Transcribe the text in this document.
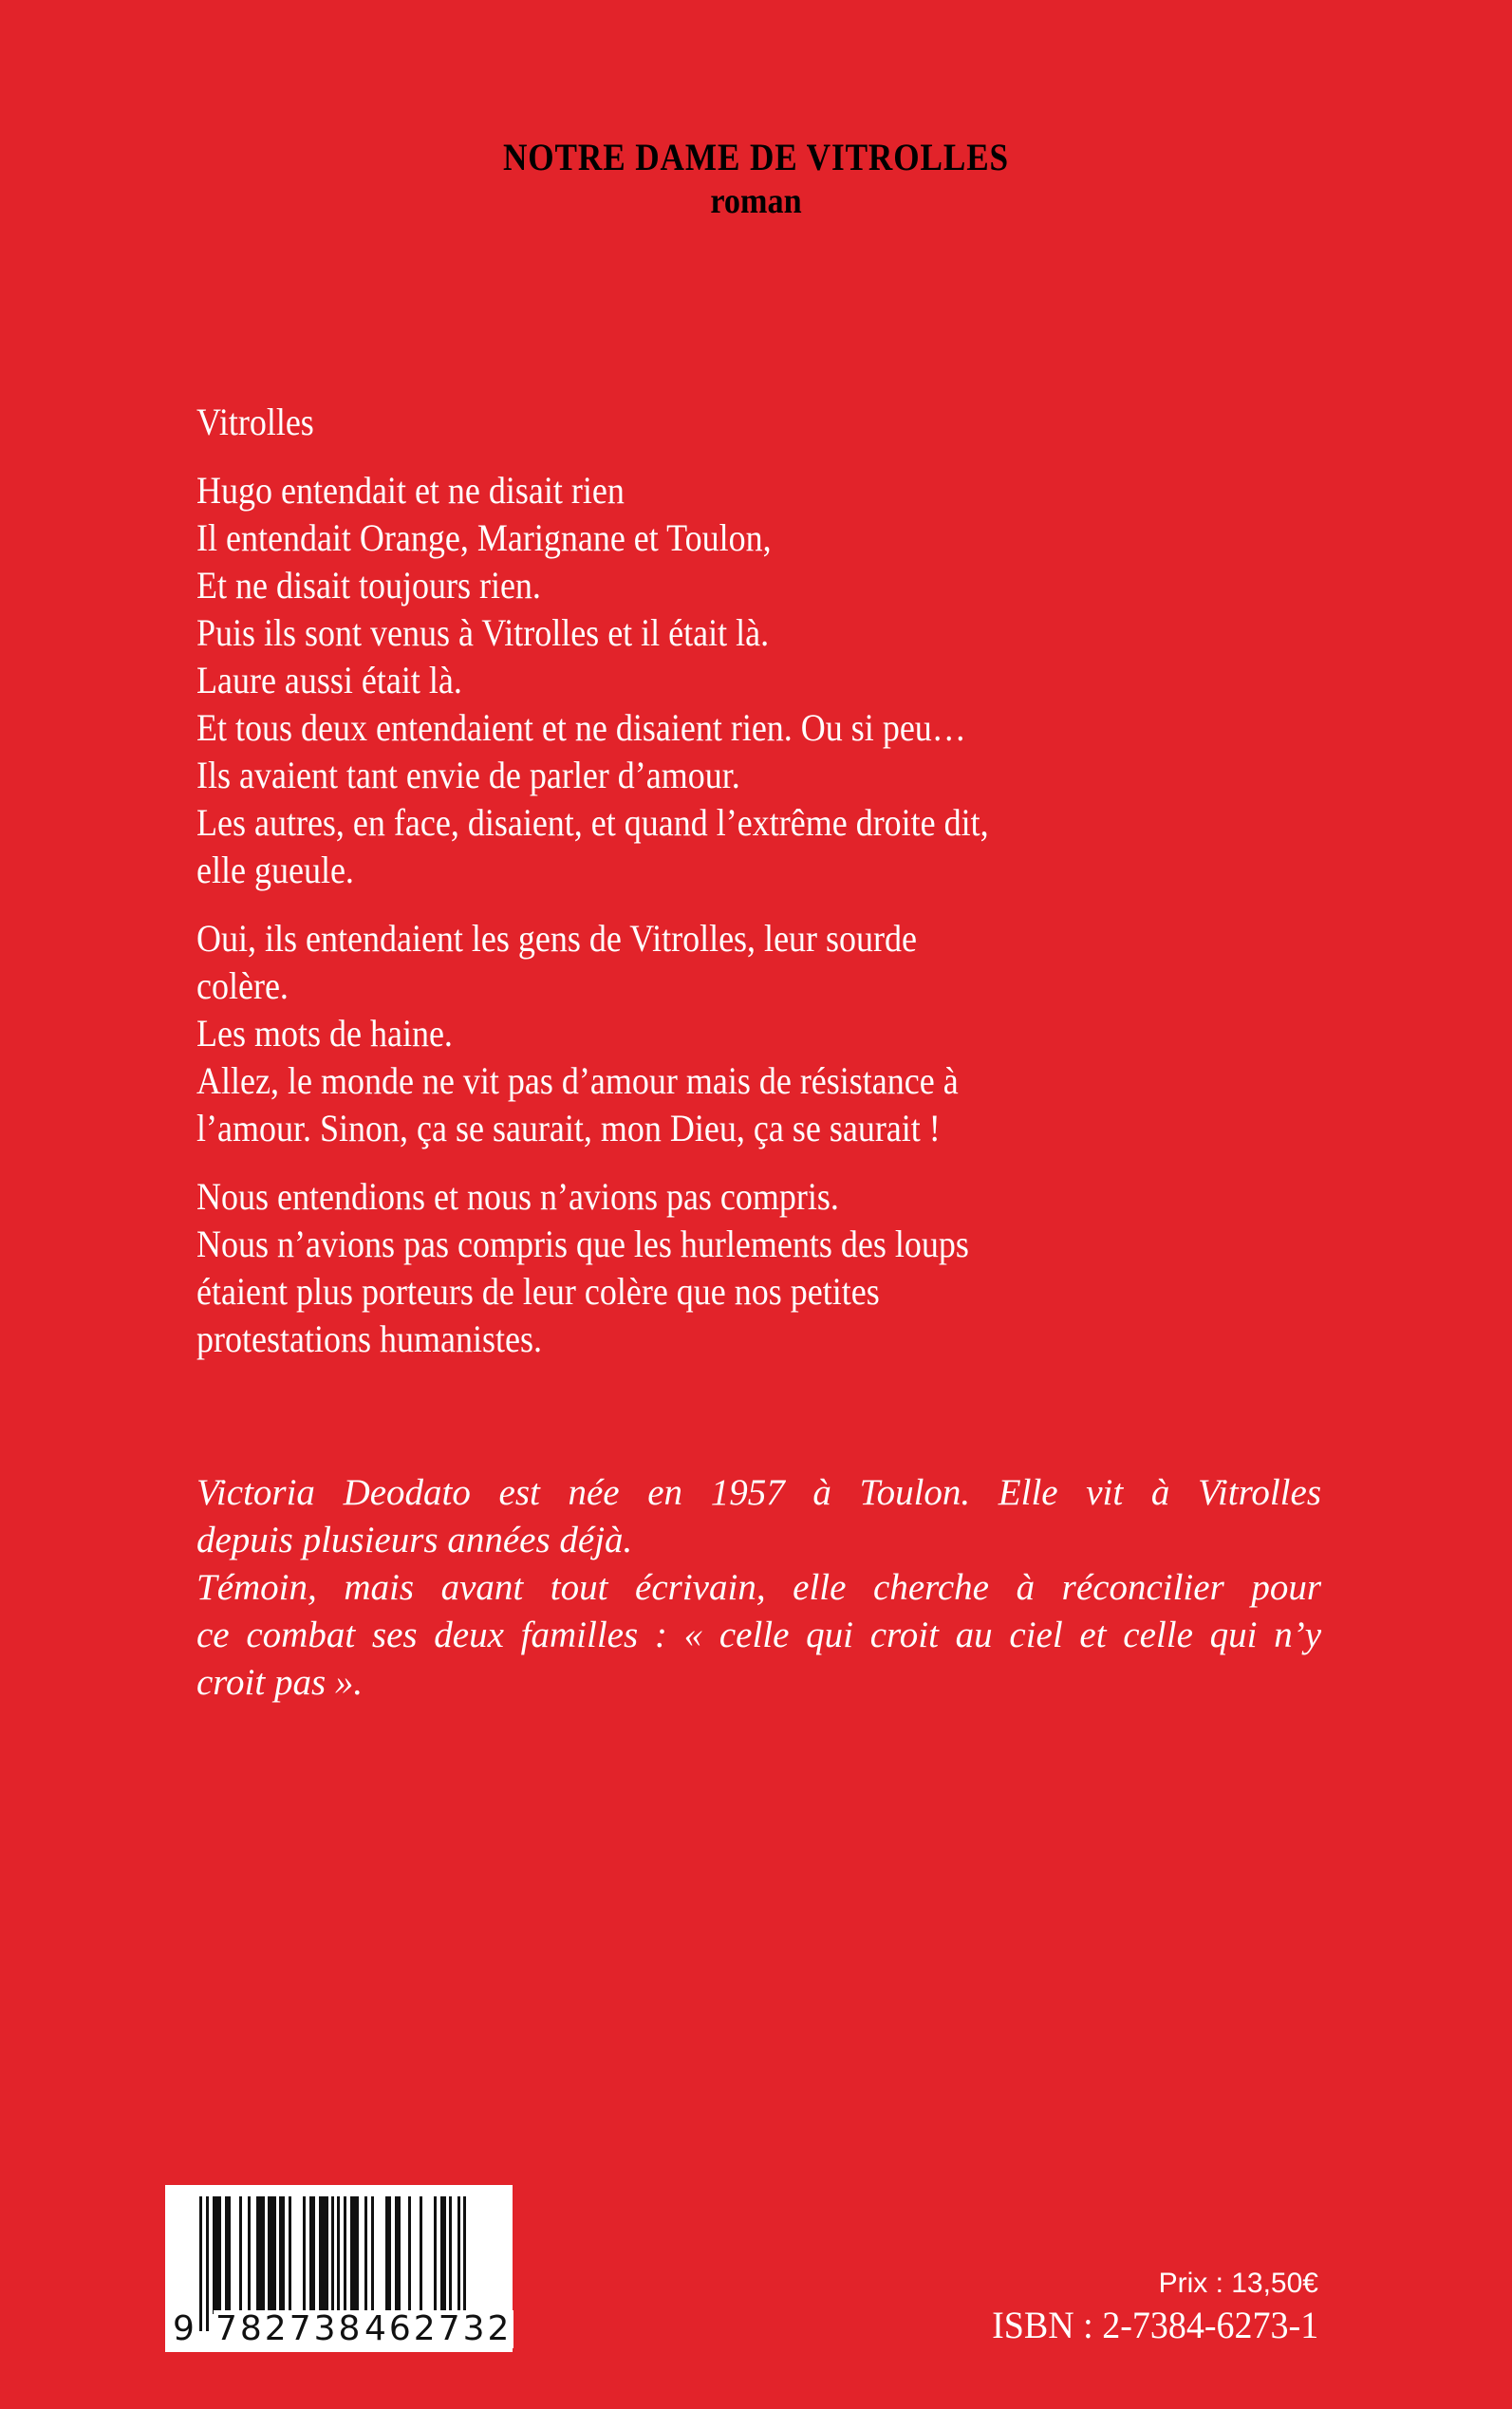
NOTRE DAME DE VITROLLES
roman
Vitrolles
Hugo entendait et ne disait rien
Il entendait Orange, Marignane et Toulon,
Et ne disait toujours rien.
Puis ils sont venus à Vitrolles et il était là.
Laure aussi était là.
Et tous deux entendaient et ne disaient rien. Ou si peu…
Ils avaient tant envie de parler d’amour.
Les autres, en face, disaient, et quand l’extrême droite dit,
elle gueule.
Oui, ils entendaient les gens de Vitrolles, leur sourde
colère.
Les mots de haine.
Allez, le monde ne vit pas d’amour mais de résistance à
l’amour. Sinon, ça se saurait, mon Dieu, ça se saurait !
Nous entendions et nous n’avions pas compris.
Nous n’avions pas compris que les hurlements des loups
étaient plus porteurs de leur colère que nos petites
protestations humanistes.
Victoria Deodato est née en 1957 à Toulon. Elle vit à Vitrolles
depuis plusieurs années déjà.
Témoin, mais avant tout écrivain, elle cherche à réconcilier pour
ce combat ses deux familles : « celle qui croit au ciel et celle qui n’y
croit pas ».
9 782738 462732
Prix : 13,50€
ISBN : 2-7384-6273-1
